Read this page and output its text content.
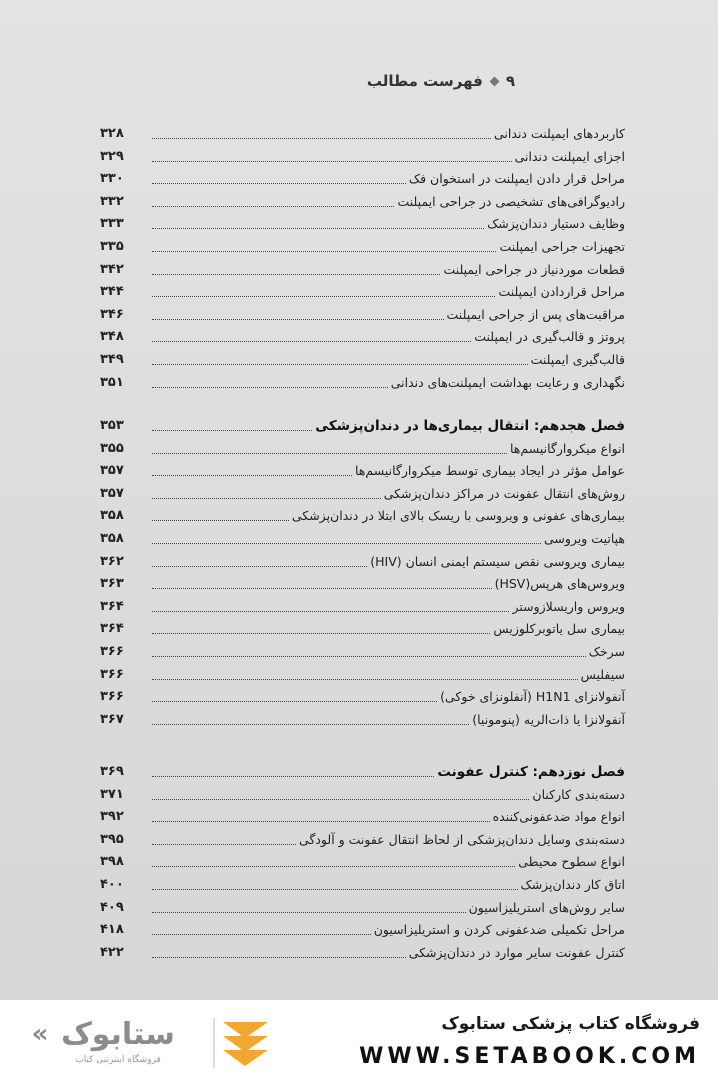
فهرست مطالب ۹
۳۲۸	کاربردهای ایمپلنت دندانی
۳۲۹	اجزای ایمپلنت دندانی
۳۳۰	مراحل قرار دادن ایمپلنت در استخوان فک
۳۳۲	رادیوگرافی‌های تشخیصی در جراحی ایمپلنت
۳۳۳	وظایف دستیار دندان‌پزشک
۳۳۵	تجهیزات جراحی ایمپلنت
۳۴۲	قطعات موردنیاز در جراحی ایمپلنت
۳۴۴	مراحل قراردادن ایمپلنت
۳۴۶	مراقبت‌های پس از جراحی ایمپلنت
۳۴۸	پروتز و قالب‌گیری در ایمپلنت
۳۴۹	قالب‌گیری ایمپلنت
۳۵۱	نگهداری و رعایت بهداشت ایمپلنت‌های دندانی
۳۵۳	فصل هجدهم: انتقال بیماری‌ها در دندان‌پزشکی
۳۵۵	انواع میکروارگانیسم‌ها
۳۵۷	عوامل مؤثر در ایجاد بیماری توسط میکروارگانیسم‌ها
۳۵۷	روش‌های انتقال عفونت در مراکز دندان‌پزشکی
۳۵۸	بیماری‌های عفونی و ویروسی با ریسک بالای ابتلا در دندان‌پزشکی
۳۵۸	هپاتیت ویروسی
۳۶۲	بیماری ویروسی نقص سیستم ایمنی انسان (HIV)
۳۶۳	ویروس‌های هرپس(HSV)
۳۶۴	ویروس واریسلازوستر
۳۶۴	بیماری سل یاتوبرکلوزیس
۳۶۶	سرخک
۳۶۶	سیفلیس
۳۶۶	آنفولانزای H1N1 (آنفلونزای خوکی)
۳۶۷	آنفولانزا یا ذات‌الریه (پنومونیا)
۳۶۹	فصل نوزدهم: کنترل عفونت
۳۷۱	دسته‌بندی کارکنان
۳۹۲	انواع مواد ضدعفونی‌کننده
۳۹۵	دسته‌بندی وسایل دندان‌پزشکی از لحاظ انتقال عفونت و آلودگی
۳۹۸	انواع سطوح محیطی
۴۰۰	اتاق کار دندان‌پزشک
۴۰۹	سایر روش‌های استریلیزاسیون
۴۱۸	مراحل تکمیلی ضدعفونی کردن و استریلیزاسیون
۴۲۲	کنترل عفونت سایر موارد در دندان‌پزشکی
ستابوک
فروشگاه اینترنتی کتاب
«	فروشگاه کتاب پزشکی ستابوک
WWW.SETABOOK.COM
